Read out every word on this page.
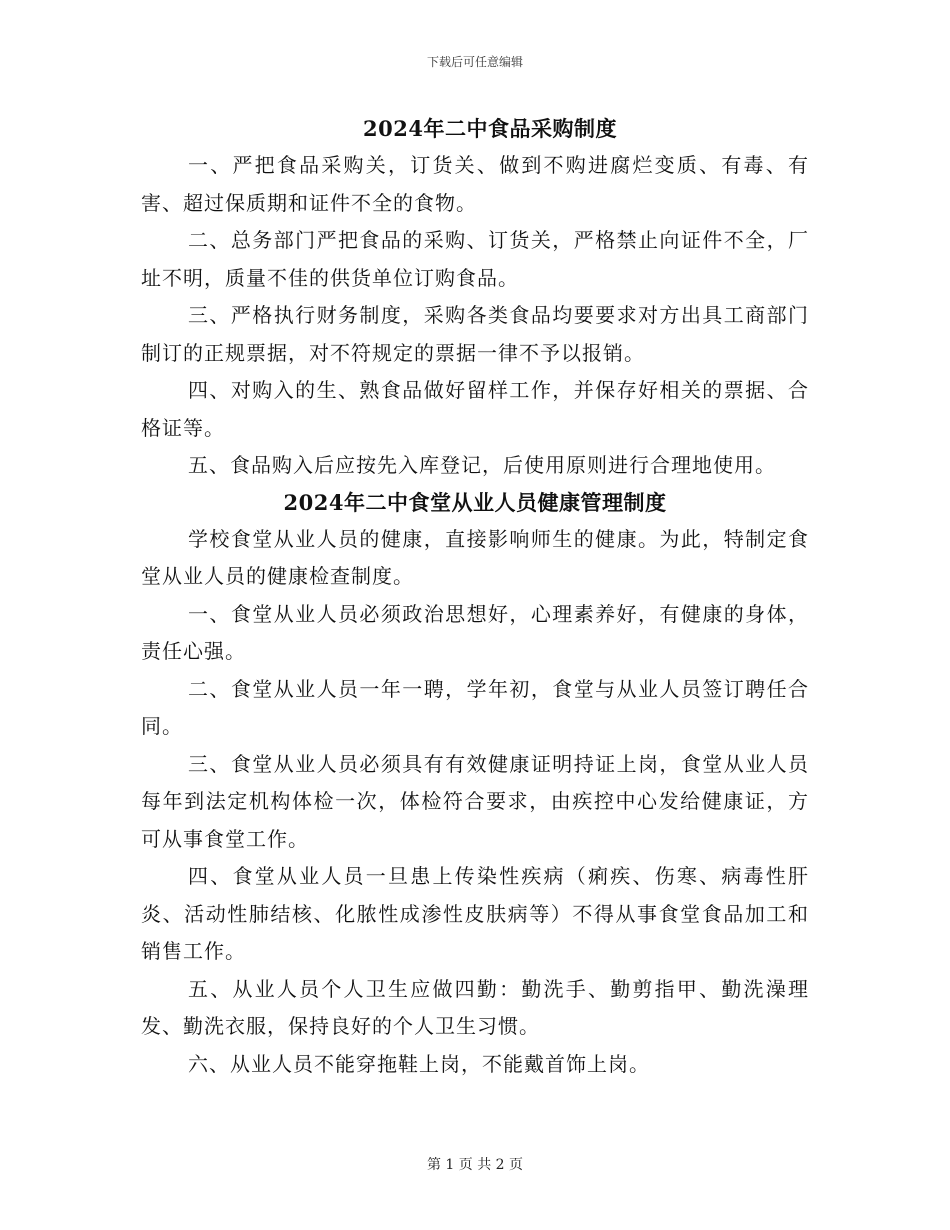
下载后可任意编辑
2024年二中食品采购制度

一、严把食品采购关，订货关、做到不购进腐烂变质、有毒、有害、超过保质期和证件不全的食物。

二、总务部门严把食品的采购、订货关，严格禁止向证件不全，厂址不明，质量不佳的供货单位订购食品。

三、严格执行财务制度，采购各类食品均要要求对方出具工商部门制订的正规票据，对不符规定的票据一律不予以报销。

四、对购入的生、熟食品做好留样工作，并保存好相关的票据、合格证等。

五、食品购入后应按先入库登记，后使用原则进行合理地使用。

2024年二中食堂从业人员健康管理制度

学校食堂从业人员的健康，直接影响师生的健康。为此，特制定食堂从业人员的健康检查制度。

一、食堂从业人员必须政治思想好，心理素养好，有健康的身体，责任心强。

二、食堂从业人员一年一聘，学年初，食堂与从业人员签订聘任合同。

三、食堂从业人员必须具有有效健康证明持证上岗，食堂从业人员每年到法定机构体检一次，体检符合要求，由疾控中心发给健康证，方可从事食堂工作。

四、食堂从业人员一旦患上传染性疾病（痢疾、伤寒、病毒性肝炎、活动性肺结核、化脓性成渗性皮肤病等）不得从事食堂食品加工和销售工作。

五、从业人员个人卫生应做四勤：勤洗手、勤剪指甲、勤洗澡理发、勤洗衣服，保持良好的个人卫生习惯。

六、从业人员不能穿拖鞋上岗，不能戴首饰上岗。

第 1 页 共 2 页
